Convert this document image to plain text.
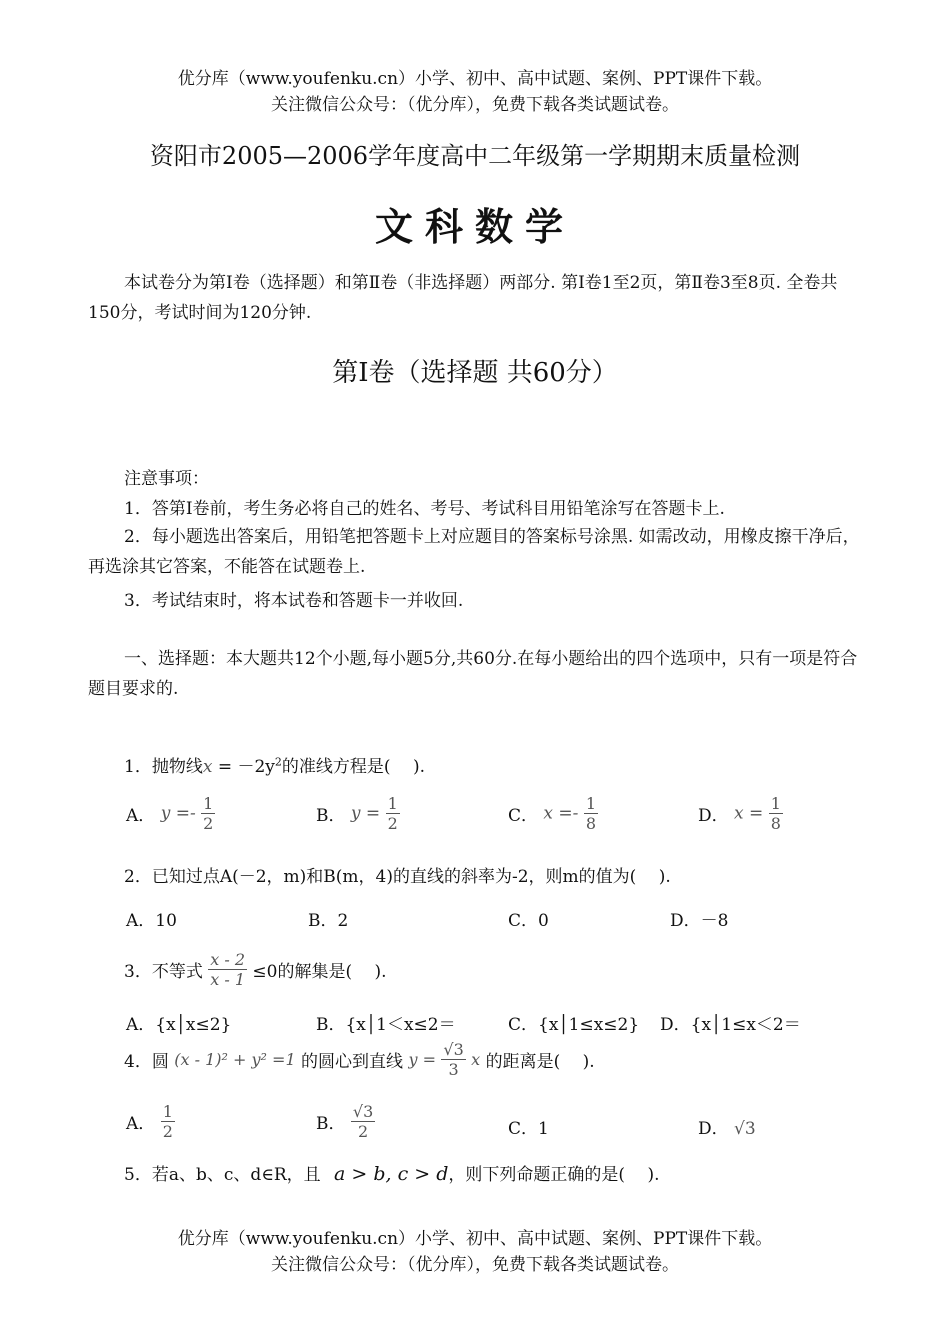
优分库（www.youfenku.cn）小学、初中、高中试题、案例、PPT课件下载。
关注微信公众号：（优分库），免费下载各类试题试卷。
资阳市2005—2006学年度高中二年级第一学期期末质量检测
文科数学
本试卷分为第Ⅰ卷（选择题）和第Ⅱ卷（非选择题）两部分. 第Ⅰ卷1至2页，第Ⅱ卷3至8页. 全卷共150分，考试时间为120分钟.
第Ⅰ卷（选择题 共60分）
注意事项：
1．答第Ⅰ卷前，考生务必将自己的姓名、考号、考试科目用铅笔涂写在答题卡上.
2．每小题选出答案后，用铅笔把答题卡上对应题目的答案标号涂黑. 如需改动，用橡皮擦干净后，再选涂其它答案，不能答在试题卷上.
3．考试结束时，将本试卷和答题卡一并收回.
一、选择题：本大题共12个小题,每小题5分,共60分.在每小题给出的四个选项中，只有一项是符合题目要求的.
1．抛物线$x = -2y^2$的准线方程是(　 ).
A． $y =- \frac{1}{2}$	B． $y = \frac{1}{2}$	C． $x =- \frac{1}{8}$	D． $x = \frac{1}{8}$
2．已知过点A(－2，m)和B(m，4)的直线的斜率为-2，则m的值为(　 ).
A．10	B．2	C．0	D．－8
3．不等式 $\frac{x - 2}{x - 1} \le 0$的解集是(　 ).
A．{x│x≤2}	B．{x│1＜x≤2＝	C．{x│1≤x≤2} D．{x│1≤x＜2＝
4．圆 (x - 1)² + y² =1 的圆心到直线 $y = \frac{√3}{3}$ x 的距离是(　 ).
A． $\frac{1}{2}$	B． $\frac{√3}{2}$	C．1	D． √3
5．若a、b、c、d∈R，且 a > b, c > d，则下列命题正确的是(　 ).
优分库（www.youfenku.cn）小学、初中、高中试题、案例、PPT课件下载。
关注微信公众号：（优分库），免费下载各类试题试卷。
